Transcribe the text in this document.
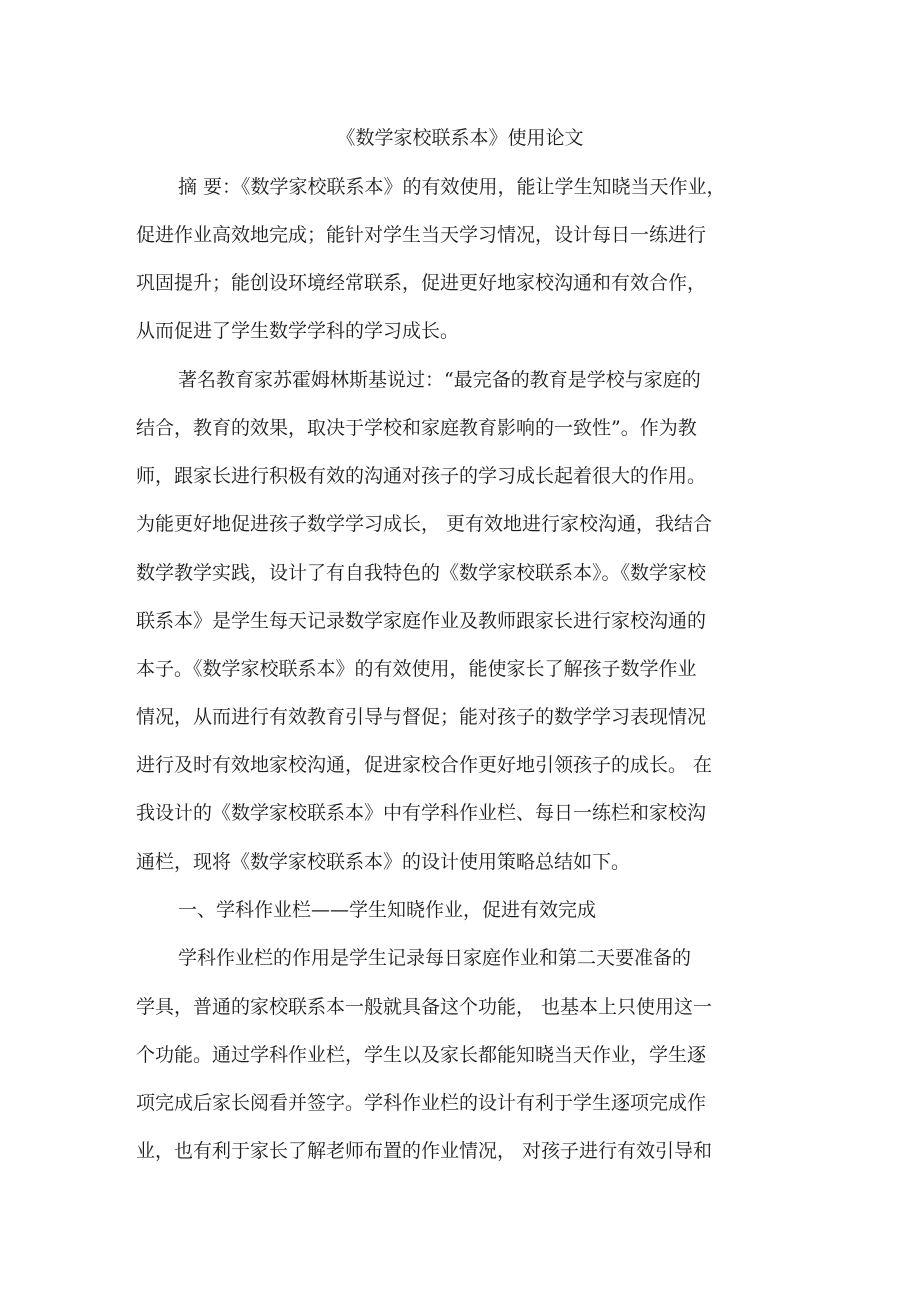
《数学家校联系本》使用论文
摘 要：《数学家校联系本》的有效使用，能让学生知晓当天作业，
促进作业高效地完成；能针对学生当天学习情况，设计每日一练进行
巩固提升；能创设环境经常联系，促进更好地家校沟通和有效合作，
从而促进了学生数学学科的学习成长。
著名教育家苏霍姆林斯基说过：“最完备的教育是学校与家庭的
结合，教育的效果，取决于学校和家庭教育影响的一致性”。作为教
师，跟家长进行积极有效的沟通对孩子的学习成长起着很大的作用。
为能更好地促进孩子数学学习成长， 更有效地进行家校沟通，我结合
数学教学实践，设计了有自我特色的《数学家校联系本》。《数学家校
联系本》是学生每天记录数学家庭作业及教师跟家长进行家校沟通的
本子。《数学家校联系本》的有效使用，能使家长了解孩子数学作业
情况，从而进行有效教育引导与督促；能对孩子的数学学习表现情况
进行及时有效地家校沟通，促进家校合作更好地引领孩子的成长。 在
我设计的《数学家校联系本》中有学科作业栏、每日一练栏和家校沟
通栏，现将《数学家校联系本》的设计使用策略总结如下。
一、学科作业栏——学生知晓作业，促进有效完成
学科作业栏的作用是学生记录每日家庭作业和第二天要准备的
学具，普通的家校联系本一般就具备这个功能， 也基本上只使用这一
个功能。通过学科作业栏，学生以及家长都能知晓当天作业，学生逐
项完成后家长阅看并签字。学科作业栏的设计有利于学生逐项完成作
业，也有利于家长了解老师布置的作业情况， 对孩子进行有效引导和
